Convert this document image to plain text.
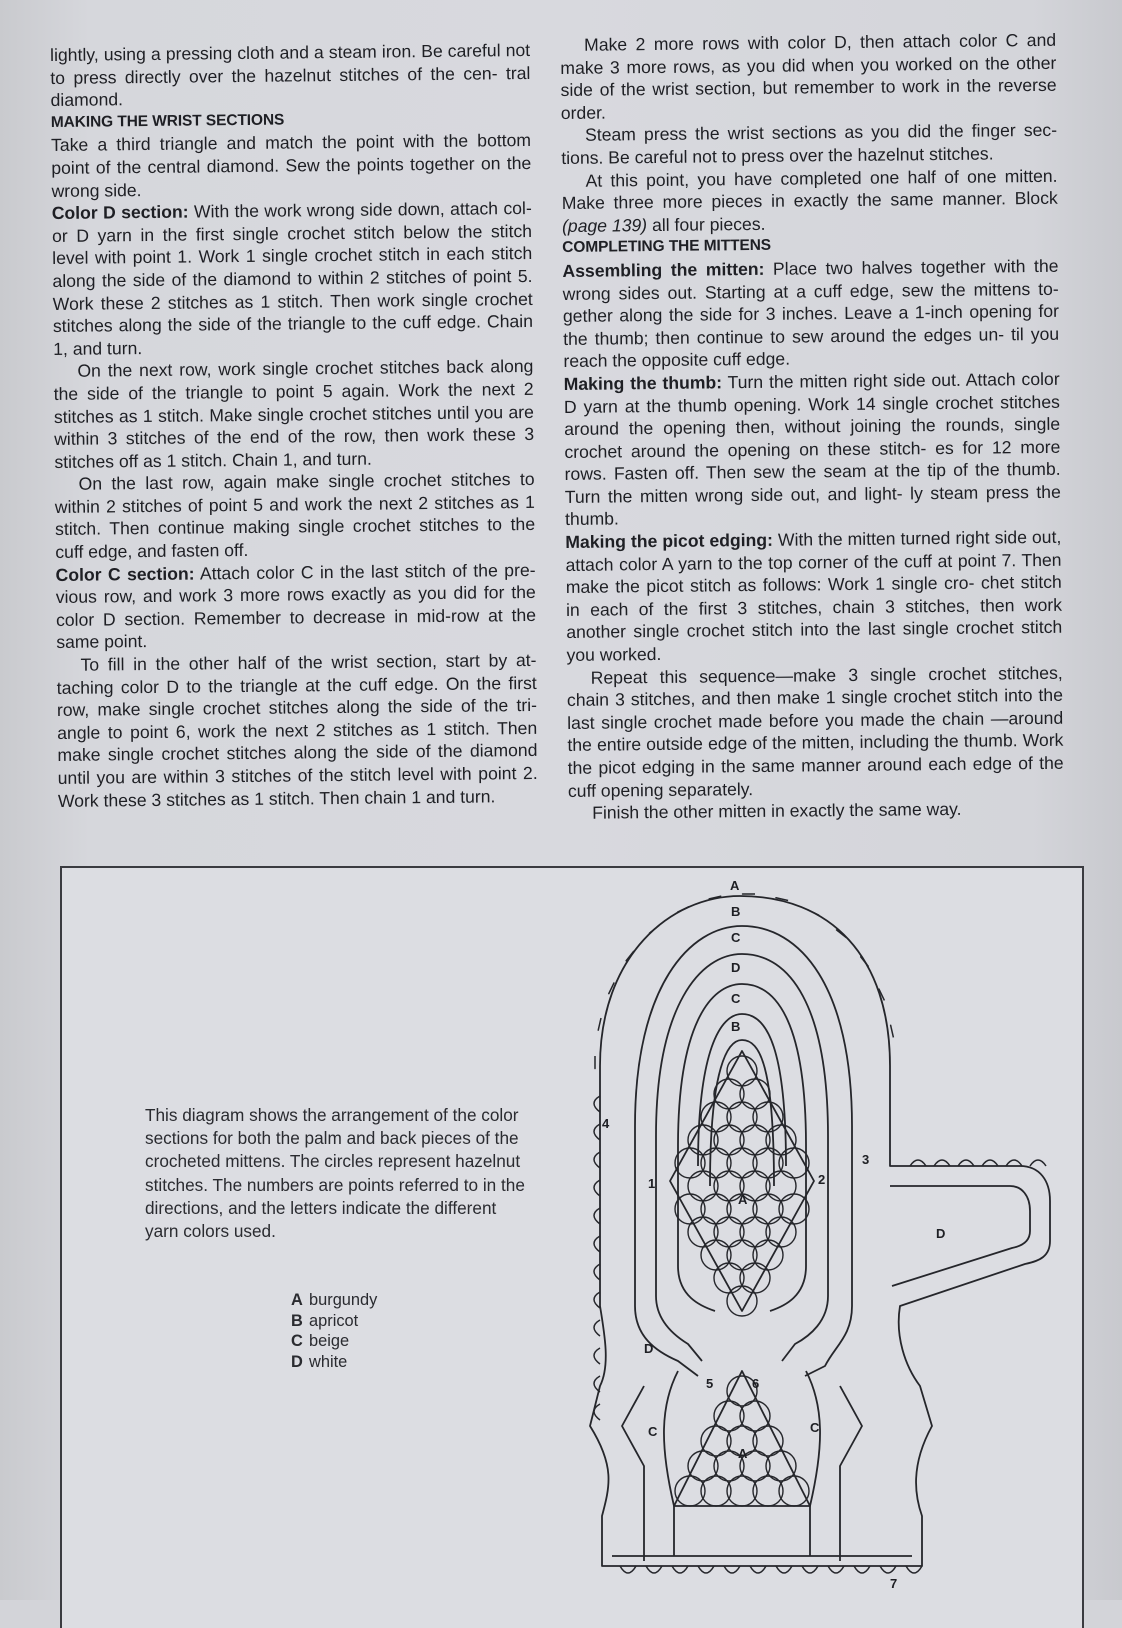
lightly, using a pressing cloth and a steam iron. Be careful not to press directly over the hazelnut stitches of the cen- tral diamond.

MAKING THE WRIST SECTIONS

Take a third triangle and match the point with the bottom point of the central diamond. Sew the points together on the wrong side.

Color D section: With the work wrong side down, attach col- or D yarn in the first single crochet stitch below the stitch level with point 1. Work 1 single crochet stitch in each stitch along the side of the diamond to within 2 stitches of point 5. Work these 2 stitches as 1 stitch. Then work single crochet stitches along the side of the triangle to the cuff edge. Chain 1, and turn.

On the next row, work single crochet stitches back along the side of the triangle to point 5 again. Work the next 2 stitches as 1 stitch. Make single crochet stitches until you are within 3 stitches of the end of the row, then work these 3 stitches off as 1 stitch. Chain 1, and turn.

On the last row, again make single crochet stitches to within 2 stitches of point 5 and work the next 2 stitches as 1 stitch. Then continue making single crochet stitches to the cuff edge, and fasten off.

Color C section: Attach color C in the last stitch of the pre- vious row, and work 3 more rows exactly as you did for the color D section. Remember to decrease in mid-row at the same point.

To fill in the other half of the wrist section, start by at- taching color D to the triangle at the cuff edge. On the first row, make single crochet stitches along the side of the tri- angle to point 6, work the next 2 stitches as 1 stitch. Then make single crochet stitches along the side of the diamond until you are within 3 stitches of the stitch level with point 2. Work these 3 stitches as 1 stitch. Then chain 1 and turn.

Make 2 more rows with color D, then attach color C and make 3 more rows, as you did when you worked on the other side of the wrist section, but remember to work in the reverse order.

Steam press the wrist sections as you did the finger sec- tions. Be careful not to press over the hazelnut stitches.

At this point, you have completed one half of one mitten. Make three more pieces in exactly the same manner. Block (page 139) all four pieces.

COMPLETING THE MITTENS

Assembling the mitten: Place two halves together with the wrong sides out. Starting at a cuff edge, sew the mittens to- gether along the side for 3 inches. Leave a 1-inch opening for the thumb; then continue to sew around the edges un- til you reach the opposite cuff edge.

Making the thumb: Turn the mitten right side out. Attach color D yarn at the thumb opening. Work 14 single crochet stitches around the opening then, without joining the rounds, single crochet around the opening on these stitch- es for 12 more rows. Fasten off. Then sew the seam at the tip of the thumb. Turn the mitten wrong side out, and light- ly steam press the thumb.

Making the picot edging: With the mitten turned right side out, attach color A yarn to the top corner of the cuff at point 7. Then make the picot stitch as follows: Work 1 single cro- chet stitch in each of the first 3 stitches, chain 3 stitches, then work another single crochet stitch into the last single crochet stitch you worked.

Repeat this sequence—make 3 single crochet stitches, chain 3 stitches, and then make 1 single crochet stitch into the last single crochet made before you made the chain —around the entire outside edge of the mitten, including the thumb. Work the picot edging in the same manner around each edge of the cuff opening separately.

Finish the other mitten in exactly the same way.

This diagram shows the arrangement of the color sections for both the palm and back pieces of the crocheted mittens. The circles represent hazelnut stitches. The numbers are points referred to in the directions, and the letters indicate the different yarn colors used.
A burgundy
B apricot
C beige
D white
A
B
C
D
C
B
A
A
1	2
3
4
5	6
7
D
D
C	C
